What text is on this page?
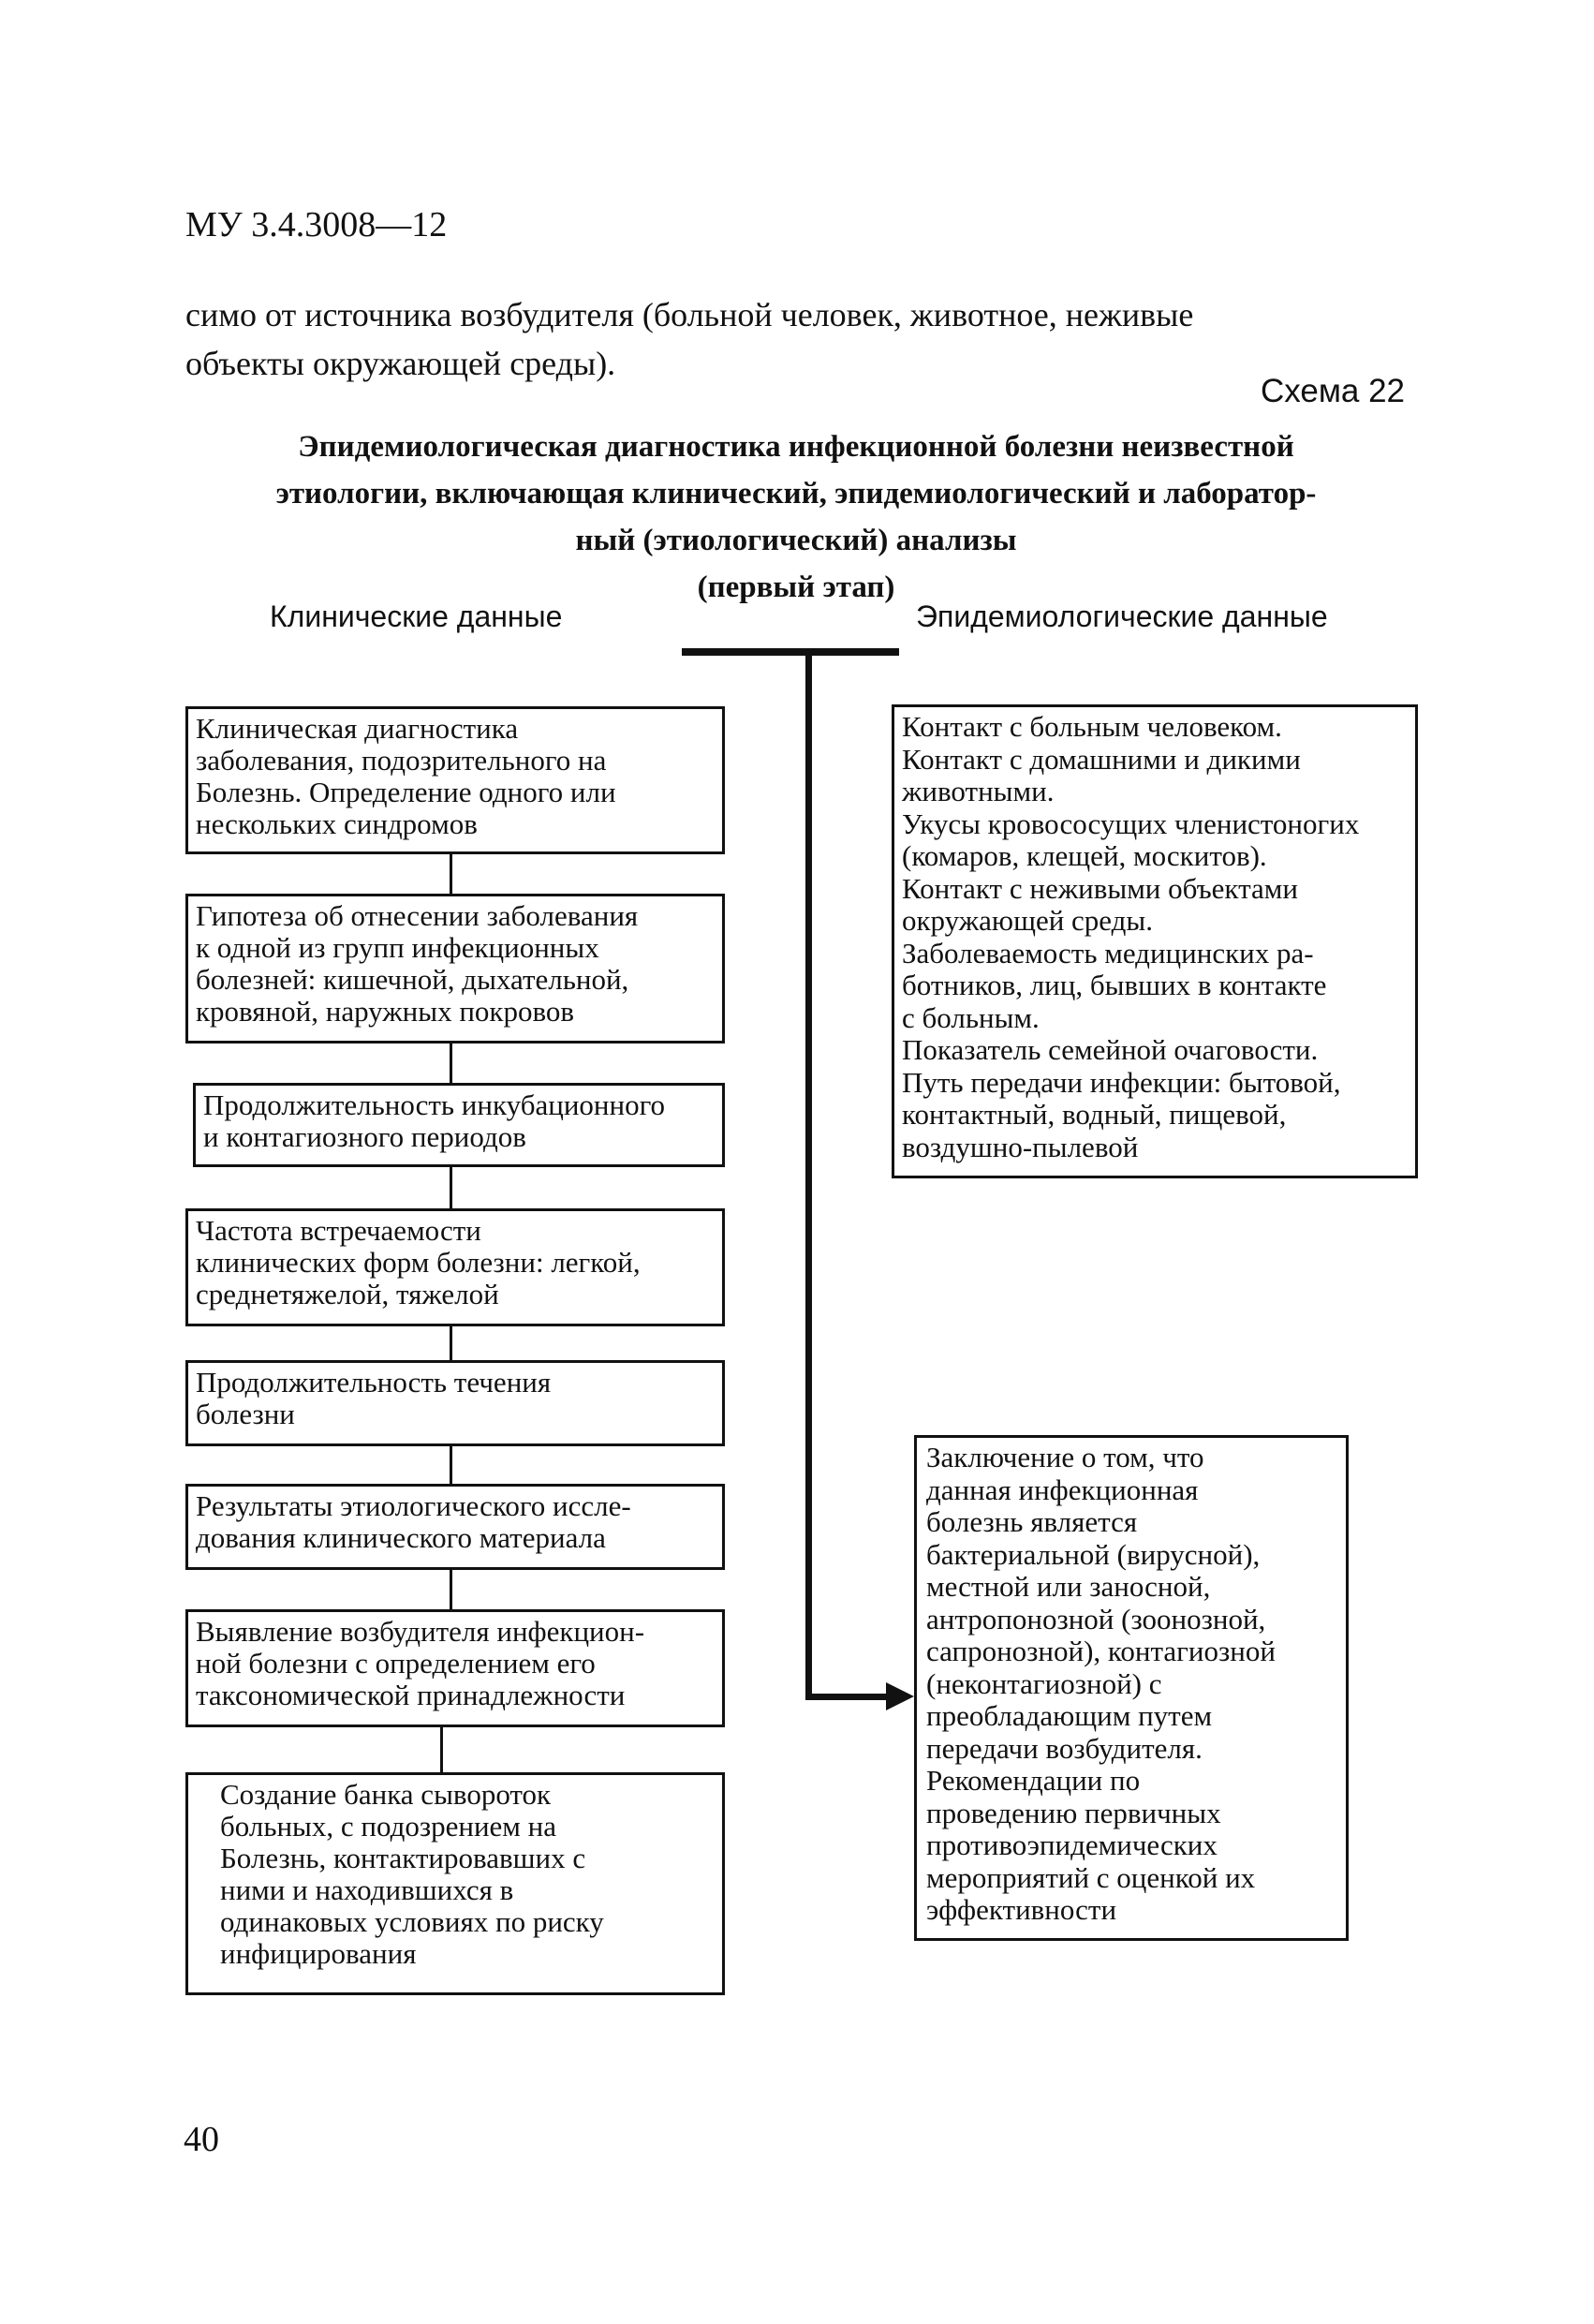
МУ 3.4.3008—12
симо от источника возбудителя (больной человек, животное, неживые
объекты окружающей среды).
Схема 22
Эпидемиологическая диагностика инфекционной болезни неизвестной
этиологии, включающая клинический, эпидемиологический и лаборатор-
ный (этиологический) анализы
(первый этап)
Клинические данные	Эпидемиологические данные
Клиническая диагностика
заболевания, подозрительного на
Болезнь. Определение одного или
нескольких синдромов
Гипотеза об отнесении заболевания
к одной из групп инфекционных
болезней: кишечной, дыхательной,
кровяной, наружных покровов
Продолжительность инкубационного
и контагиозного периодов
Частота встречаемости
клинических форм болезни: легкой,
среднетяжелой, тяжелой
Продолжительность течения
болезни
Результаты этиологического иссле-
дования клинического материала
Выявление возбудителя инфекцион-
ной болезни с определением его
таксономической принадлежности
Создание банка сывороток
больных, с подозрением на
Болезнь, контактировавших с
ними и находившихся в
одинаковых условиях по риску
инфицирования
Контакт с больным человеком.
Контакт с домашними и дикими
животными.
Укусы кровососущих членистоногих
(комаров, клещей, москитов).
Контакт с неживыми объектами
окружающей среды.
Заболеваемость медицинских ра-
ботников, лиц, бывших в контакте
с больным.
Показатель семейной очаговости.
Путь передачи инфекции: бытовой,
контактный, водный, пищевой,
воздушно-пылевой
Заключение о том, что
данная инфекционная
болезнь является
бактериальной (вирусной),
местной или заносной,
антропонозной (зоонозной,
сапронозной), контагиозной
(неконтагиозной) с
преобладающим путем
передачи возбудителя.
Рекомендации по
проведению первичных
противоэпидемических
мероприятий с оценкой их
эффективности
40
